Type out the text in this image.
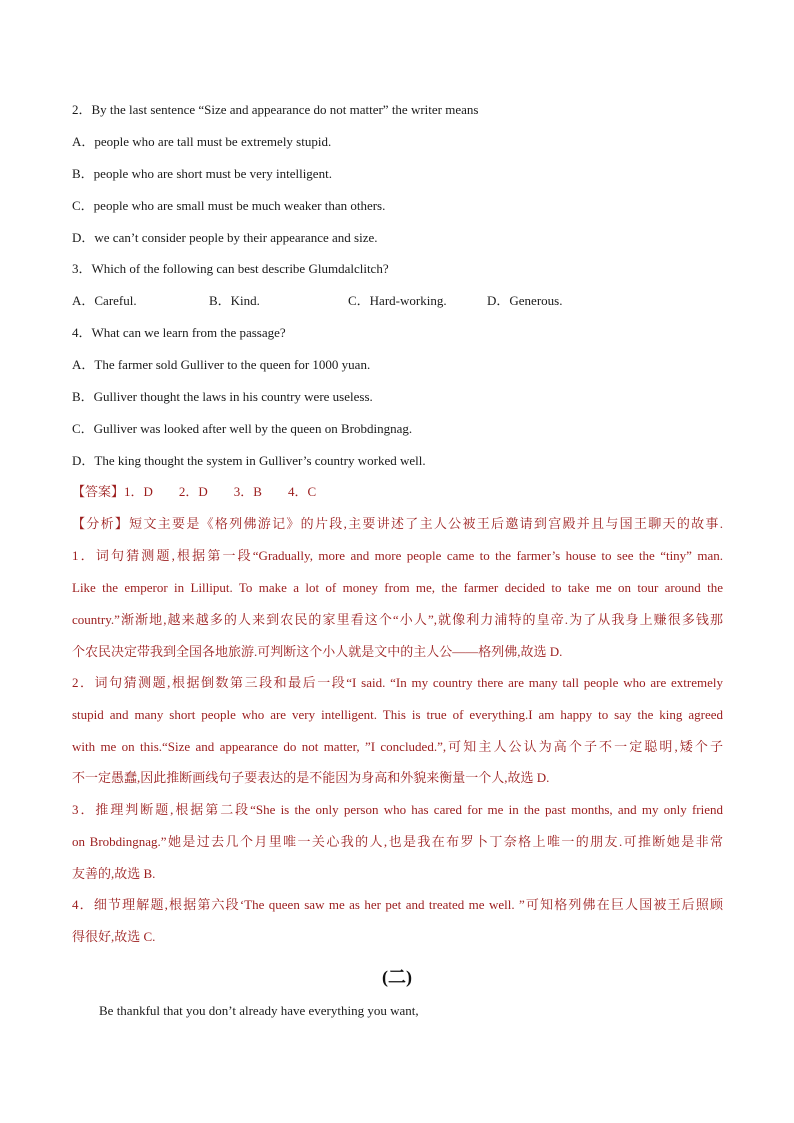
2．By the last sentence “Size and appearance do not matter” the writer means
A．people who are tall must be extremely stupid.
B．people who are short must be very intelligent.
C．people who are small must be much weaker than others.
D．we can’t consider people by their appearance and size.
3．Which of the following can best describe Glumdalclitch?
A．Careful.	B．Kind.	C．Hard-working.	D．Generous.
4．What can we learn from the passage?
A．The farmer sold Gulliver to the queen for 1000 yuan.
B．Gulliver thought the laws in his country were useless.
C．Gulliver was looked after well by the queen on Brobdingnag.
D．The king thought the system in Gulliver’s country worked well.
【答案】1．D 2．D 3．B 4．C
【分析】短文主要是《格列佛游记》的片段,主要讲述了主人公被王后邀请到宫殿并且与国王聊天的故事.
1．词句猜测题,根据第一段“Gradually, more and more people came to the farmer’s house to see the “tiny” man.
Like the emperor in Lilliput. To make a lot of money from me, the farmer decided to take me on tour around the
country.”渐渐地,越来越多的人来到农民的家里看这个“小人”,就像利力浦特的皇帝.为了从我身上赚很多钱那
个农民决定带我到全国各地旅游.可判断这个小人就是文中的主人公——格列佛,故选 D.
2．词句猜测题,根据倒数第三段和最后一段“I said. “In my country there are many tall people who are extremely
stupid and many short people who are very intelligent. This is true of everything.I am happy to say the king agreed
with me on this.“Size and appearance do not matter, ”I concluded.”,可知主人公认为高个子不一定聪明,矮个子
不一定愚蠢,因此推断画线句子要表达的是不能因为身高和外貌来衡量一个人,故选 D.
3．推理判断题,根据第二段“She is the only person who has cared for me in the past months, and my only friend
on Brobdingnag.”她是过去几个月里唯一关心我的人,也是我在布罗卜丁奈格上唯一的朋友.可推断她是非常
友善的,故选 B.
4．细节理解题,根据第六段‘The queen saw me as her pet and treated me well. ”可知格列佛在巨人国被王后照顾
得很好,故选 C.
(二)
Be thankful that you don’t already have everything you want,
